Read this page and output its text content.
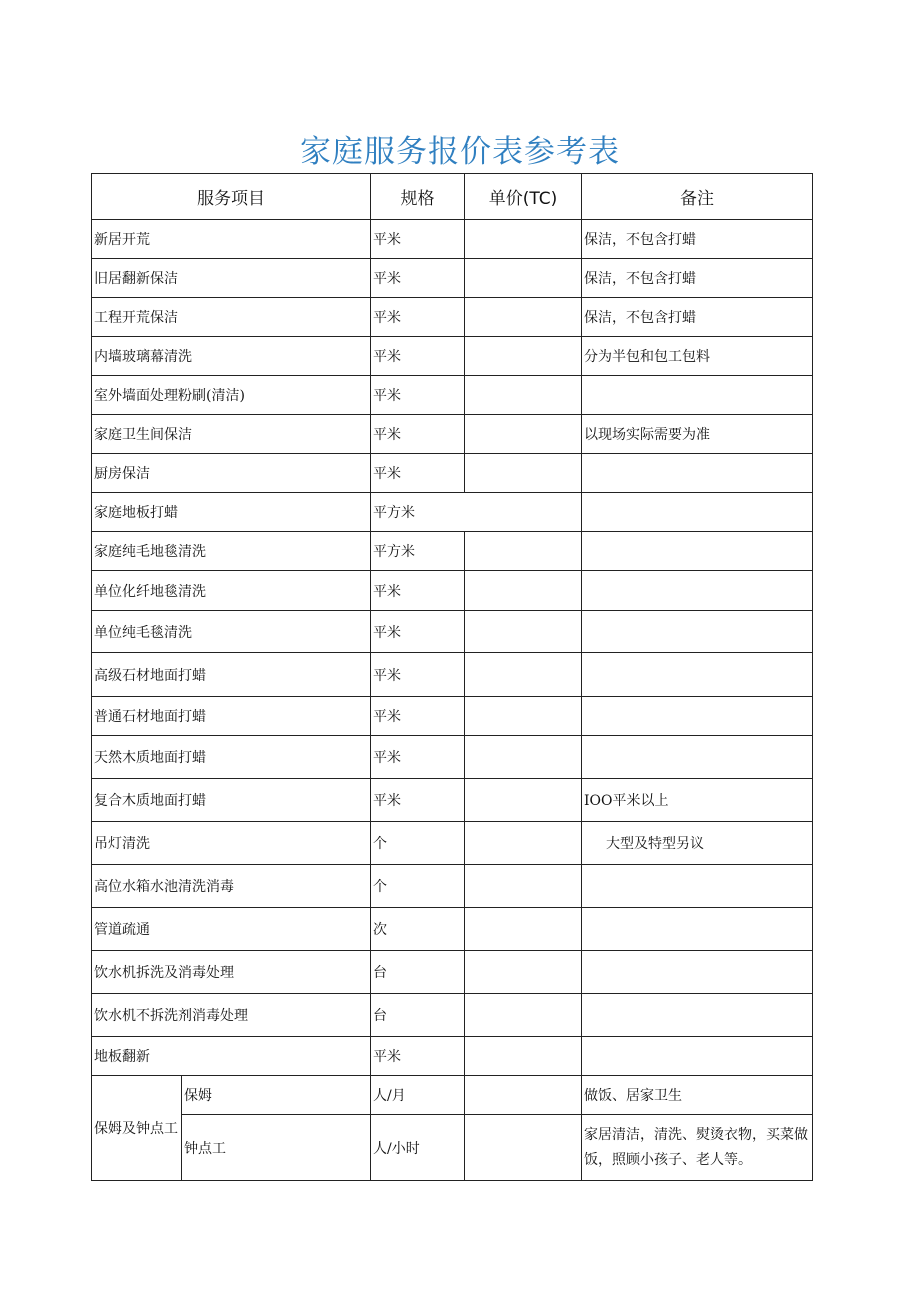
家庭服务报价表参考表
服务项目		规格	单价(TC)	备注
新居开荒		平米		保洁，不包含打蜡
旧居翻新保洁		平米		保洁，不包含打蜡
工程开荒保洁		平米		保洁，不包含打蜡
内墙玻璃幕清洗		平米		分为半包和包工包料
室外墙面处理粉刷(清洁)		平米		
家庭卫生间保洁		平米		以现场实际需要为准
厨房保洁		平米		
家庭地板打蜡		平方米		
家庭纯毛地毯清洗		平方米		
单位化纤地毯清洗		平米		
单位纯毛毯清洗		平米		
高级石材地面打蜡		平米		
普通石材地面打蜡		平米		
天然木质地面打蜡		平米		
复合木质地面打蜡		平米		IOO平米以上
吊灯清洗		个		大型及特型另议
高位水箱水池清洗消毒		个		
管道疏通		次		
饮水机拆洗及消毒处理		台		
饮水机不拆洗剂消毒处理		台		
地板翻新		平米		
保姆及钟点工	保姆	人/月		做饭、居家卫生
	钟点工	人/小时		家居清洁，清洗、熨烫衣物，买菜做饭，照顾小孩子、老人等。
